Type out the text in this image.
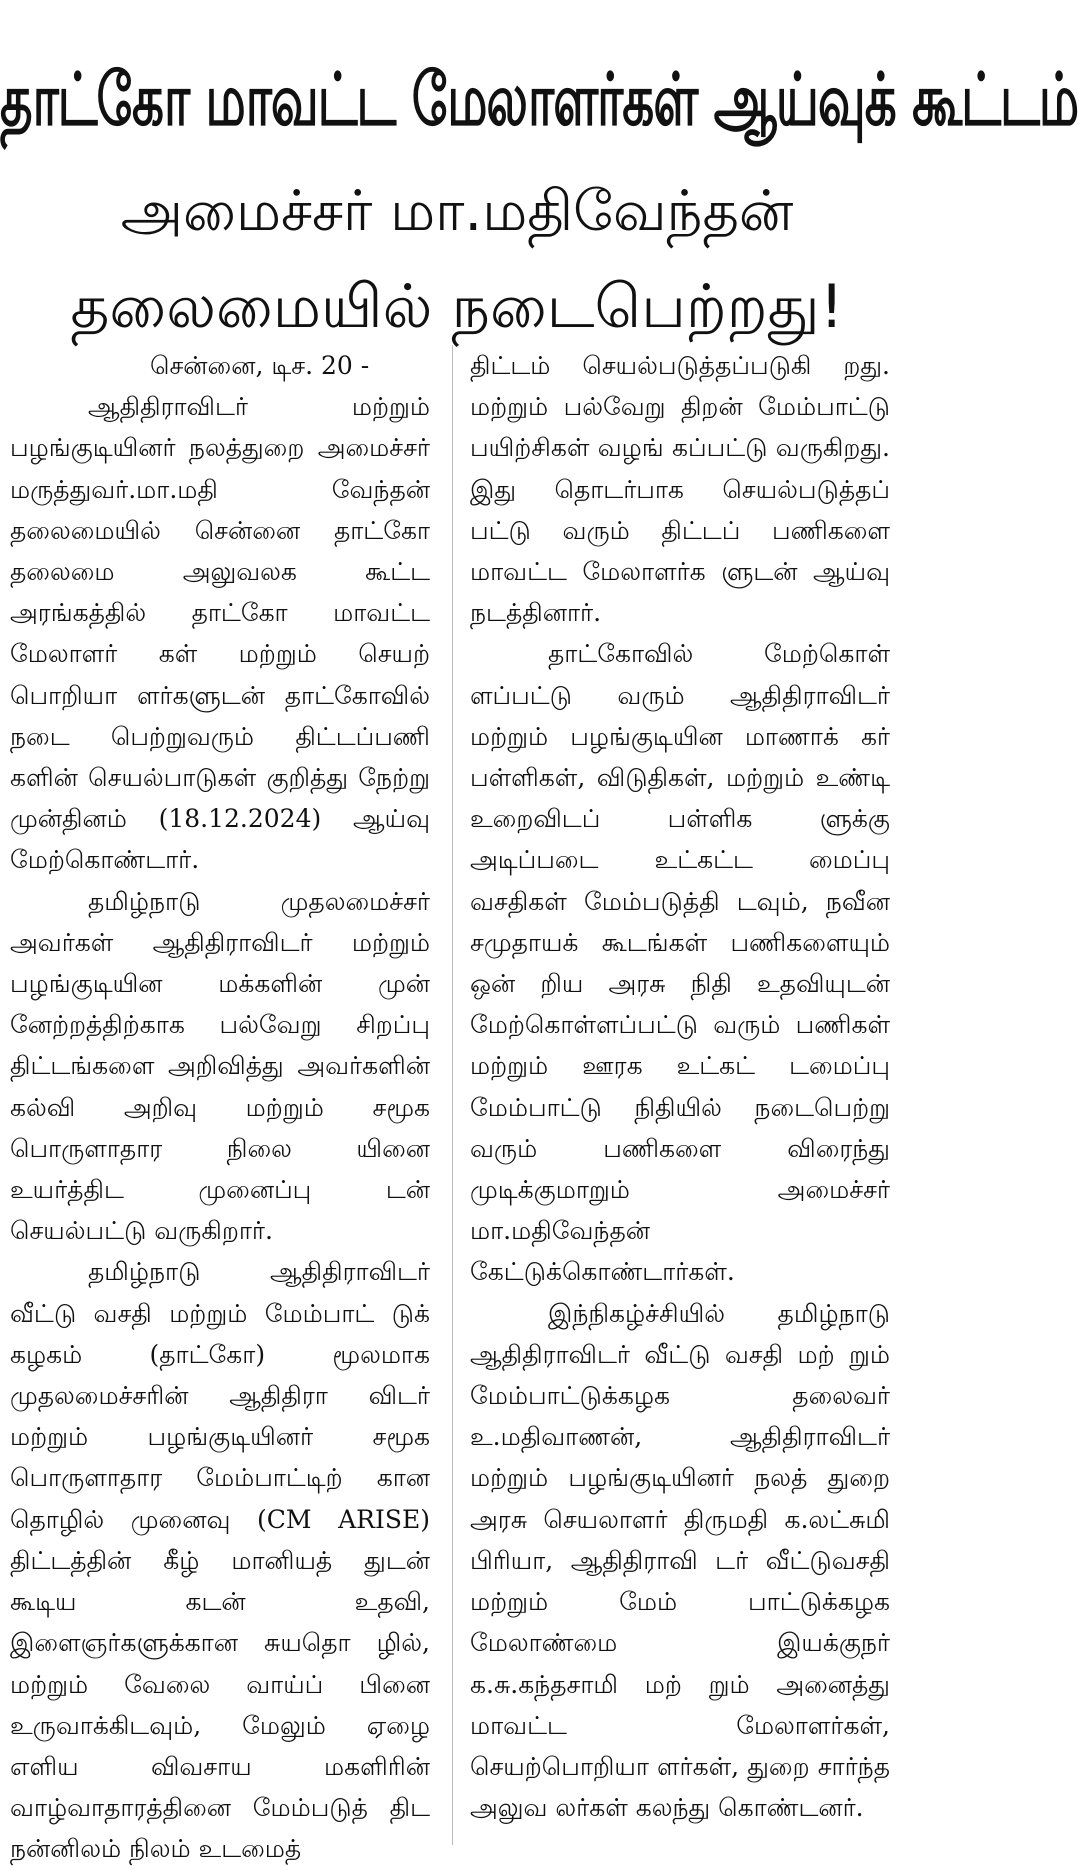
தாட்கோ மாவட்ட மேலாளர்கள் ஆய்வுக் கூட்டம்
அமைச்சர் மா.மதிவேந்தன்
தலைமையில் நடைபெற்றது!
சென்னை, டிச. 20 -

ஆதிதிராவிடர் மற்றும் பழங்குடியினர் நலத்துறை அமைச்சர் மருத்துவர்.மா.மதி வேந்தன் தலைமையில் சென்னை தாட்கோ தலைமை அலுவலக கூட்ட அரங்கத்தில் தாட்கோ மாவட்ட மேலாளர் கள் மற்றும் செயற் பொறியா ளர்களுடன் தாட்கோவில் நடை பெற்றுவரும் திட்டப்பணி களின் செயல்பாடுகள் குறித்து நேற்று முன்தினம் (18.12.2024) ஆய்வு மேற்கொண்டார்.

தமிழ்நாடு முதலமைச்சர் அவர்கள் ஆதிதிராவிடர் மற்றும் பழங்குடியின மக்களின் முன் னேற்றத்திற்காக பல்வேறு சிறப்பு திட்டங்களை அறிவித்து அவர்களின் கல்வி அறிவு மற்றும் சமூக பொருளாதார நிலை யினை உயர்த்திட முனைப்பு டன் செயல்பட்டு வருகிறார்.

தமிழ்நாடு ஆதிதிராவிடர் வீட்டு வசதி மற்றும் மேம்பாட் டுக் கழகம் (தாட்கோ) மூலமாக முதலமைச்சரின் ஆதிதிரா விடர் மற்றும் பழங்குடியினர் சமூக பொருளாதார மேம்பாட்டிற் கான தொழில் முனைவு (CM ARISE) திட்டத்தின் கீழ் மானியத் துடன் கூடிய கடன் உதவி, இளைஞர்களுக்கான சுயதொ ழில், மற்றும் வேலை வாய்ப் பினை உருவாக்கிடவும், மேலும் ஏழை எளிய விவசாய மகளிரின் வாழ்வாதாரத்தினை மேம்படுத் திட நன்னிலம் நிலம் உடமைத்

திட்டம் செயல்படுத்தப்படுகி றது. மற்றும் பல்வேறு திறன் மேம்பாட்டு பயிற்சிகள் வழங் கப்பட்டு வருகிறது. இது தொடர்பாக செயல்படுத்தப் பட்டு வரும் திட்டப் பணிகளை மாவட்ட மேலாளர்க ளுடன் ஆய்வு நடத்தினார்.

தாட்கோவில் மேற்கொள் ளப்பட்டு வரும் ஆதிதிராவிடர் மற்றும் பழங்குடியின மாணாக் கர் பள்ளிகள், விடுதிகள், மற்றும் உண்டி உறைவிடப் பள்ளிக ளுக்கு அடிப்படை உட்கட்ட மைப்பு வசதிகள் மேம்படுத்தி டவும், நவீன சமுதாயக் கூடங்கள் பணிகளையும் ஒன் றிய அரசு நிதி உதவியுடன் மேற்கொள்ளப்பட்டு வரும் பணிகள் மற்றும் ஊரக உட்கட் டமைப்பு மேம்பாட்டு நிதியில் நடைபெற்று வரும் பணிகளை விரைந்து முடிக்குமாறும் அமைச்சர் மா.மதிவேந்தன் கேட்டுக்கொண்டார்கள்.

இந்நிகழ்ச்சியில் தமிழ்நாடு ஆதிதிராவிடர் வீட்டு வசதி மற் றும் மேம்பாட்டுக்கழக தலைவர் உ.மதிவாணன், ஆதிதிராவிடர் மற்றும் பழங்குடியினர் நலத் துறை அரசு செயலாளர் திருமதி க.லட்சுமி பிரியா, ஆதிதிராவி டர் வீட்டுவசதி மற்றும் மேம் பாட்டுக்கழக மேலாண்மை இயக்குநர் க.சு.கந்தசாமி மற் றும் அனைத்து மாவட்ட மேலாளர்கள், செயற்பொறியா ளர்கள், துறை சார்ந்த அலுவ லர்கள் கலந்து கொண்டனர்.
